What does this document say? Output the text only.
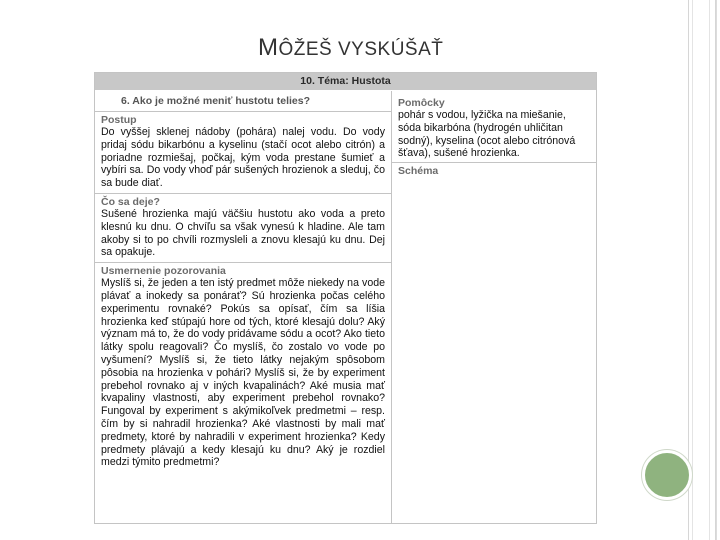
MÔŽEŠ VYSKÚŠAŤ
10. Téma: Hustota
6. Ako je možné meniť hustotu telies?
Postup
Do vyššej sklenej nádoby (pohára) nalej vodu. Do vody pridaj sódu bikarbónu a kyselinu (stačí ocot alebo citrón) a poriadne rozmiešaj, počkaj, kým voda prestane šumieť a vybíri sa. Do vody vhoď pár sušených hrozienok a sleduj, čo sa bude diať.
Čo sa deje?
Sušené hrozienka majú väčšiu hustotu ako voda a preto klesnú ku dnu. O chvíľu sa však vynesú k hladine. Ale tam akoby si to po chvíli rozmysleli a znovu klesajú ku dnu. Dej sa opakuje.
Usmernenie pozorovania
Myslíš si, že jeden a ten istý predmet môže niekedy na vode plávať a inokedy sa ponárať? Sú hrozienka počas celého experimentu rovnaké? Pokús sa opísať, čím sa líšia hrozienka keď stúpajú hore od tých, ktoré klesajú dolu? Aký význam má to, že do vody pridávame sódu a ocot? Ako tieto látky spolu reagovali? Čo myslíš, čo zostalo vo vode po vyšumení? Myslíš si, že tieto látky nejakým spôsobom pôsobia na hrozienka v poháriʔ Myslíš si, že by experiment prebehol rovnako aj v iných kvapalinách? Aké musia mať kvapaliny vlastnosti, aby experiment prebehol rovnako? Fungoval by experiment s akýmikoľvek predmetmi – resp. čím by si nahradil hrozienka? Aké vlastnosti by mali mať predmety, ktoré by nahradili v experiment hrozienka? Kedy predmety plávajú a kedy klesajú ku dnu? Aký je rozdiel medzi týmito predmetmi?
Pomôcky
pohár s vodou, lyžička na miešanie, sóda bikarbóna (hydrogén uhličitan sodný), kyselina (ocot alebo citrónová šťava), sušené hrozienka.
Schéma
